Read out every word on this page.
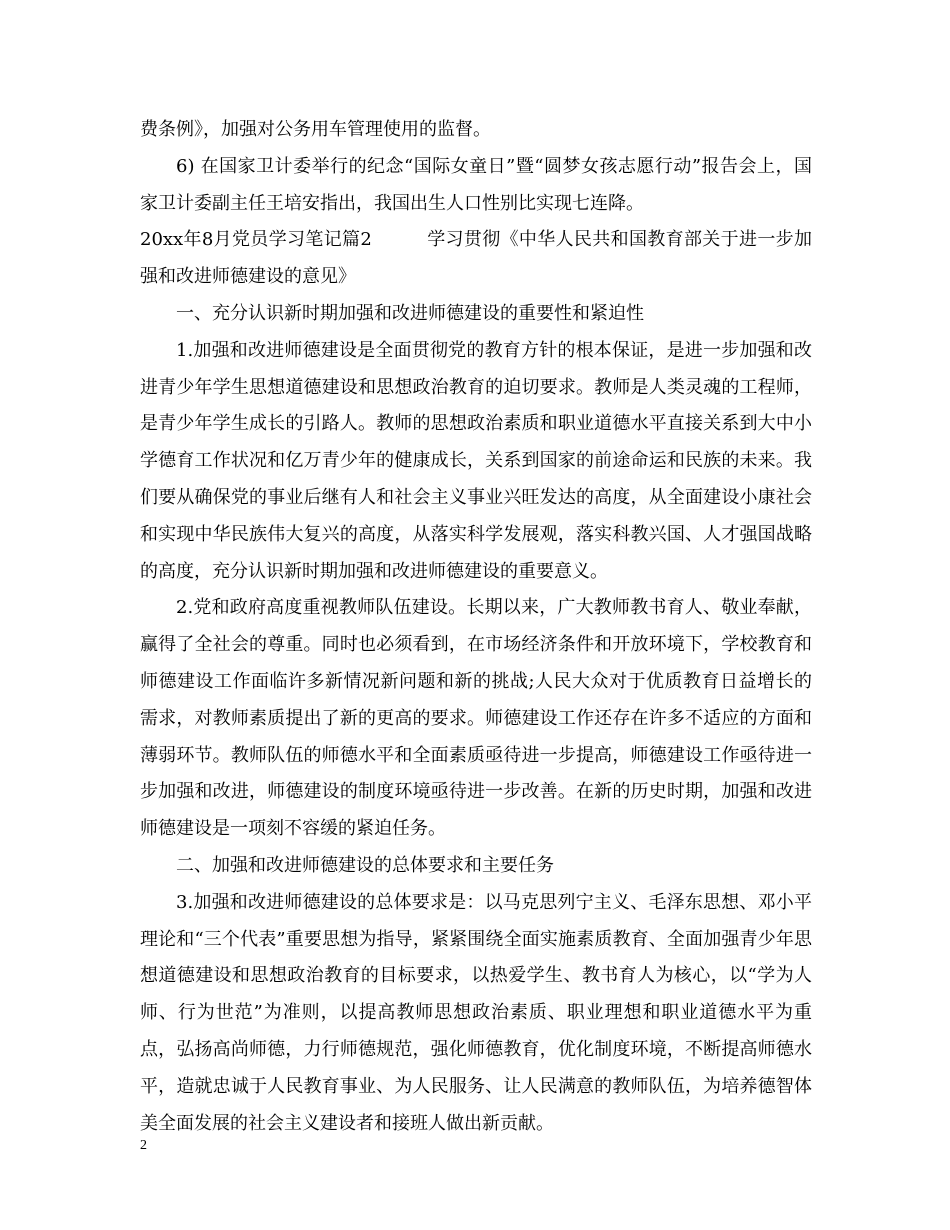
费条例》，加强对公务用车管理使用的监督。

6) 在国家卫计委举行的纪念“国际女童日”暨“圆梦女孩志愿行动”报告会上，国家卫计委副主任王培安指出，我国出生人口性别比实现七连降。

20xx年8月党员学习笔记篇2　　　学习贯彻《中华人民共和国教育部关于进一步加强和改进师德建设的意见》

一、充分认识新时期加强和改进师德建设的重要性和紧迫性

1.加强和改进师德建设是全面贯彻党的教育方针的根本保证，是进一步加强和改进青少年学生思想道德建设和思想政治教育的迫切要求。教师是人类灵魂的工程师，是青少年学生成长的引路人。教师的思想政治素质和职业道德水平直接关系到大中小学德育工作状况和亿万青少年的健康成长，关系到国家的前途命运和民族的未来。我们要从确保党的事业后继有人和社会主义事业兴旺发达的高度，从全面建设小康社会和实现中华民族伟大复兴的高度，从落实科学发展观，落实科教兴国、人才强国战略的高度，充分认识新时期加强和改进师德建设的重要意义。

2.党和政府高度重视教师队伍建设。长期以来，广大教师教书育人、敬业奉献，赢得了全社会的尊重。同时也必须看到，在市场经济条件和开放环境下，学校教育和师德建设工作面临许多新情况新问题和新的挑战;人民大众对于优质教育日益增长的需求，对教师素质提出了新的更高的要求。师德建设工作还存在许多不适应的方面和薄弱环节。教师队伍的师德水平和全面素质亟待进一步提高，师德建设工作亟待进一步加强和改进，师德建设的制度环境亟待进一步改善。在新的历史时期，加强和改进师德建设是一项刻不容缓的紧迫任务。

二、加强和改进师德建设的总体要求和主要任务

3.加强和改进师德建设的总体要求是：以马克思列宁主义、毛泽东思想、邓小平理论和“三个代表”重要思想为指导，紧紧围绕全面实施素质教育、全面加强青少年思想道德建设和思想政治教育的目标要求，以热爱学生、教书育人为核心，以“学为人师、行为世范”为准则，以提高教师思想政治素质、职业理想和职业道德水平为重点，弘扬高尚师德，力行师德规范，强化师德教育，优化制度环境，不断提高师德水平，造就忠诚于人民教育事业、为人民服务、让人民满意的教师队伍，为培养德智体美全面发展的社会主义建设者和接班人做出新贡献。

2
